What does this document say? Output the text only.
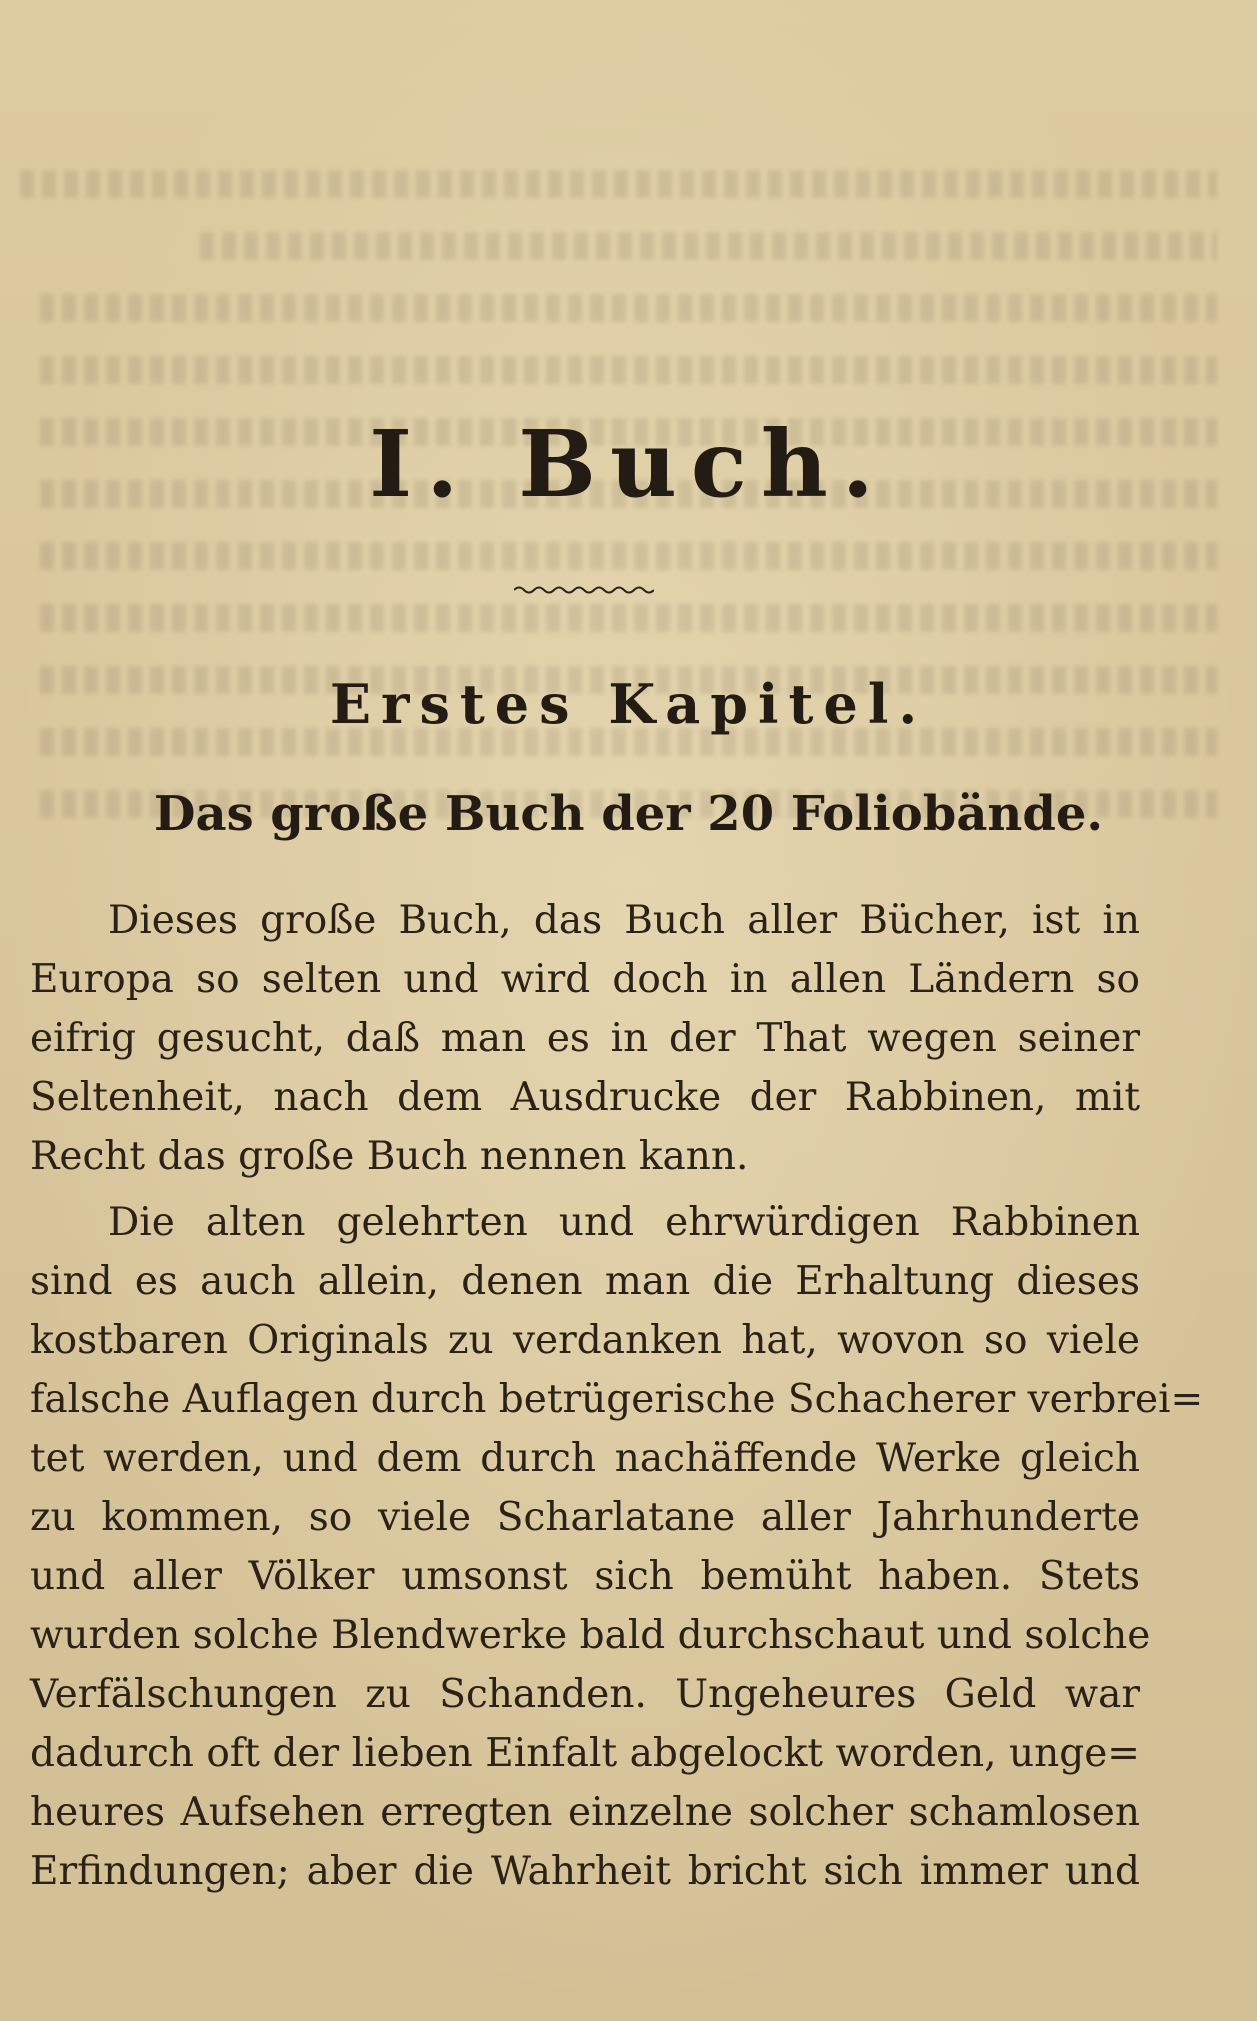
I. Buch.
Erstes Kapitel.
Das große Buch der 20 Foliobände.
Dieses große Buch, das Buch aller Bücher, ist in
Europa so selten und wird doch in allen Ländern so
eifrig gesucht, daß man es in der That wegen seiner
Seltenheit, nach dem Ausdrucke der Rabbinen, mit
Recht das große Buch nennen kann.
Die alten gelehrten und ehrwürdigen Rabbinen
sind es auch allein, denen man die Erhaltung dieses
kostbaren Originals zu verdanken hat, wovon so viele
falsche Auflagen durch betrügerische Schacherer verbrei=
tet werden, und dem durch nachäffende Werke gleich
zu kommen, so viele Scharlatane aller Jahrhunderte
und aller Völker umsonst sich bemüht haben. Stets
wurden solche Blendwerke bald durchschaut und solche
Verfälschungen zu Schanden. Ungeheures Geld war
dadurch oft der lieben Einfalt abgelockt worden, unge=
heures Aufsehen erregten einzelne solcher schamlosen
Erfindungen; aber die Wahrheit bricht sich immer und
